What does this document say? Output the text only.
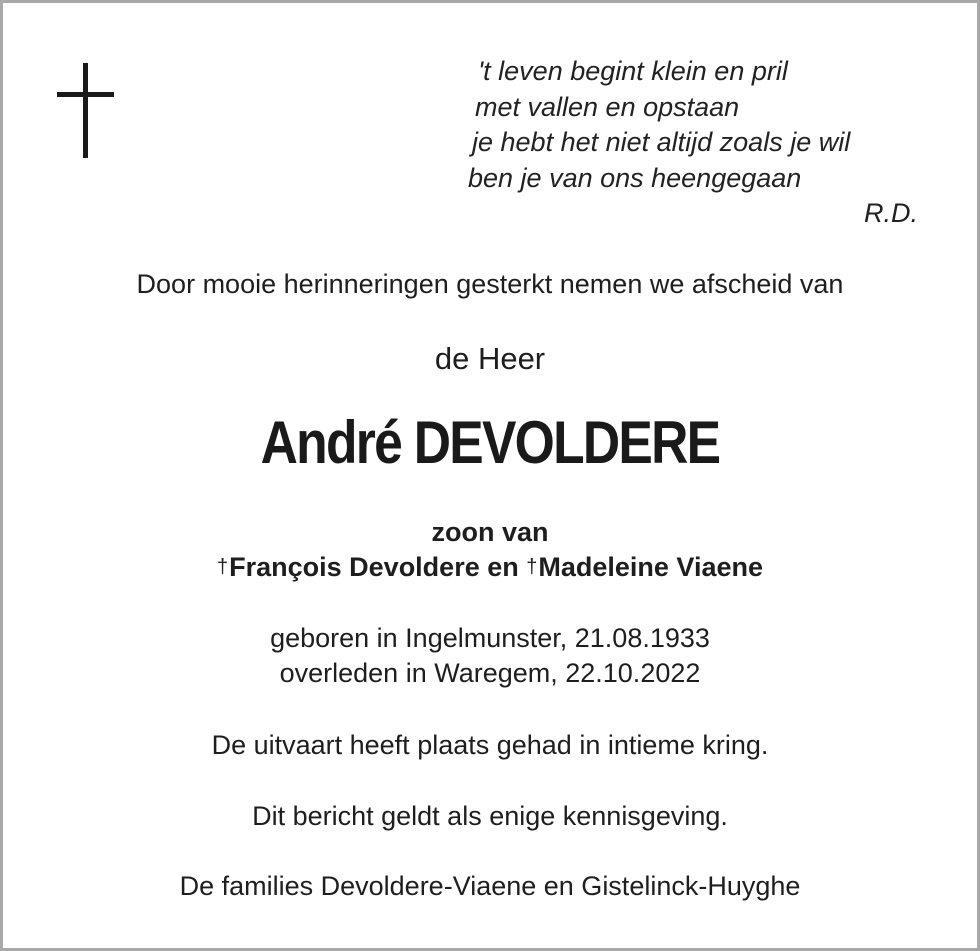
't leven begint klein en pril
met vallen en opstaan
je hebt het niet altijd zoals je wil
ben je van ons heengegaan
R.D.
Door mooie herinneringen gesterkt nemen we afscheid van
de Heer
André DEVOLDERE
zoon van
†François Devoldere en †Madeleine Viaene
geboren in Ingelmunster, 21.08.1933
overleden in Waregem, 22.10.2022
De uitvaart heeft plaats gehad in intieme kring.
Dit bericht geldt als enige kennisgeving.
De families Devoldere-Viaene en Gistelinck-Huyghe
